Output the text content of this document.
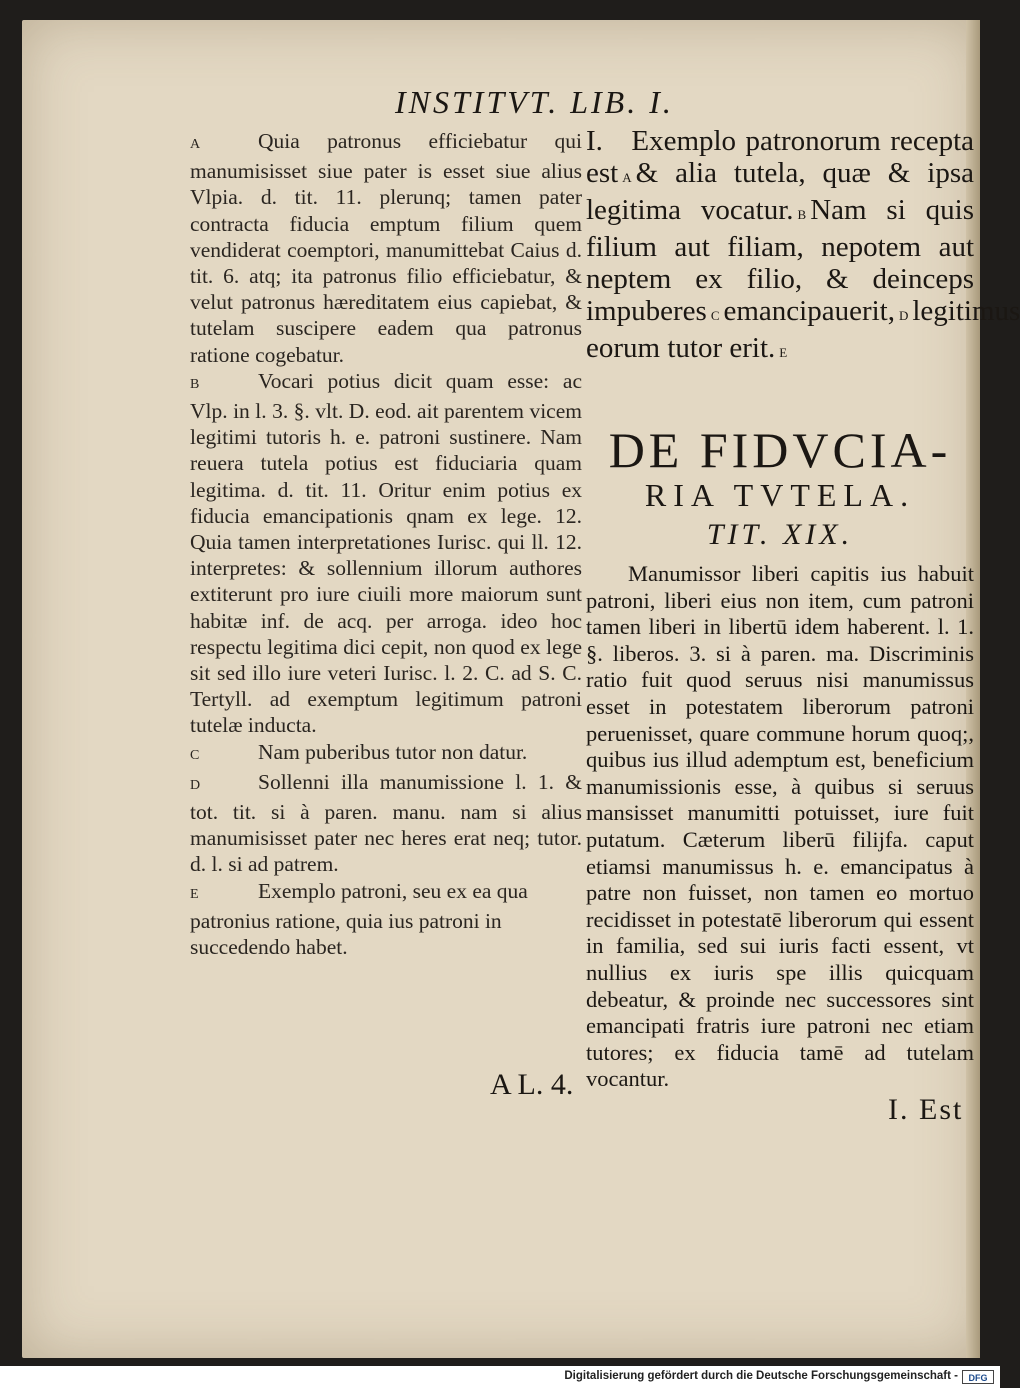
INSTITVT. LIB. I.

A	Quia patronus efficiebatur qui manumisisset siue pater is esset siue alius Vlpia. d. tit. 11. plerunq; tamen pater contracta fiducia emptum filium quem vendiderat coemptori, manumittebat Caius d. tit. 6. atq; ita patronus filio efficiebatur, & velut patronus hæreditatem eius capiebat, & tutelam suscipere eadem qua patronus ratione cogebatur.

B	Vocari potius dicit quam esse: ac Vlp. in l. 3. §. vlt. D. eod. ait parentem vicem legitimi tutoris h. e. patroni sustinere. Nam reuera tutela potius est fiduciaria quam legitima. d. tit. 11. Oritur enim potius ex fiducia emancipationis qnam ex lege. 12. Quia tamen interpretationes Iurisc. qui ll. 12. interpretes: & sollennium illorum authores extiterunt pro iure ciuili more maiorum sunt habitæ inf. de acq. per arroga. ideo hoc respectu legitima dici cepit, non quod ex lege sit sed illo iure veteri Iurisc. l. 2. C. ad S. C. Tertyll. ad exemptum legitimum patroni tutelæ inducta.

C	Nam puberibus tutor non datur.

D	Sollenni illa manumissione l. 1. & tot. tit. si à paren. manu. nam si alius manumisisset pater nec heres erat neq; tutor. d. l. si ad patrem.

E	Exemplo patroni, seu ex ea qua patronius ratione, quia ius patroni in succedendo habet.

A L. 4.

I. Exemplo patronorum recepta est A & alia tutela, quæ & ipsa legitima vocatur. B Nam si quis filium aut filiam, nepotem aut neptem ex filio, & deinceps impuberes C emancipauerit, D legitimus eorum tutor erit. E

DE FIDVCIA-

RIA TVTELA.

TIT. XIX.

Manumissor liberi capitis ius habuit patroni, liberi eius non item, cum patroni tamen liberi in libertū idem haberent. l. 1. §. liberos. 3. si à paren. ma. Discriminis ratio fuit quod seruus nisi manumissus esset in potestatem liberorum patroni peruenisset, quare commune horum quoq;, quibus ius illud ademptum est, beneficium manumissionis esse, à quibus si seruus mansisset manumitti potuisset, iure fuit putatum. Cæterum liberū filijfa. caput etiamsi manumissus h. e. emancipatus à patre non fuisset, non tamen eo mortuo recidisset in potestatē liberorum qui essent in familia, sed sui iuris facti essent, vt nullius ex iuris spe illis quicquam debeatur, & proinde nec successores sint emancipati fratris iure patroni nec etiam tutores; ex fiducia tamē ad tutelam vocantur.

I. Est
Digitalisierung gefördert durch die Deutsche Forschungsgemeinschaft -	DFG
